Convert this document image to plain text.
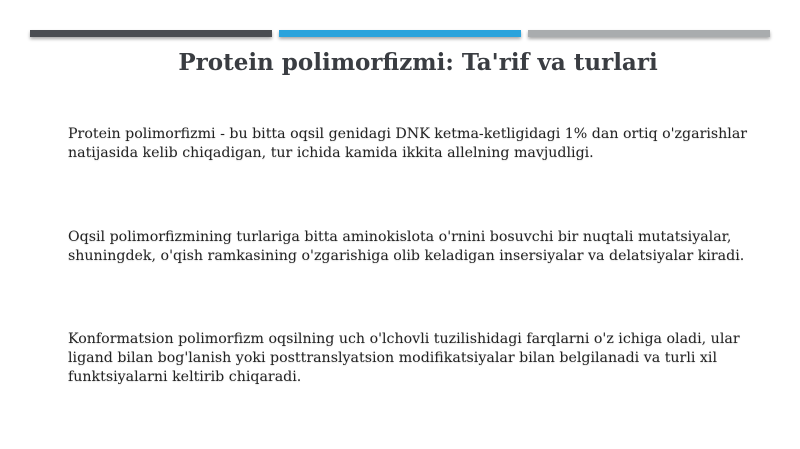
Protein polimorfizmi: Ta'rif va turlari

Protein polimorfizmi - bu bitta oqsil genidagi DNK ketma-ketligidagi 1% dan ortiq o'zgarishlar
natijasida kelib chiqadigan, tur ichida kamida ikkita allelning mavjudligi.

Oqsil polimorfizmining turlariga bitta aminokislota o'rnini bosuvchi bir nuqtali mutatsiyalar,
shuningdek, o'qish ramkasining o'zgarishiga olib keladigan insersiyalar va delatsiyalar kiradi.

Konformatsion polimorfizm oqsilning uch o'lchovli tuzilishidagi farqlarni o'z ichiga oladi, ular
ligand bilan bog'lanish yoki posttranslyatsion modifikatsiyalar bilan belgilanadi va turli xil
funktsiyalarni keltirib chiqaradi.
